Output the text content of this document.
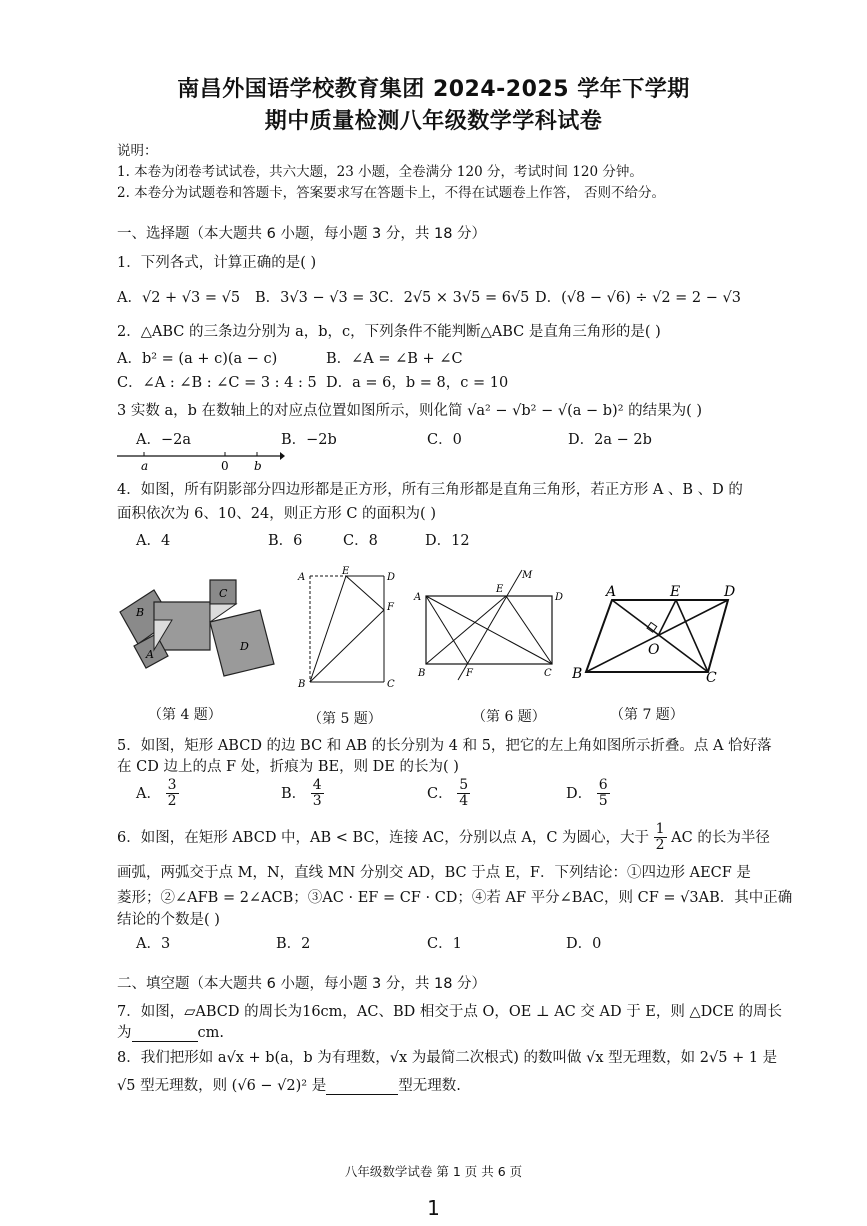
南昌外国语学校教育集团 2024-2025 学年下学期
期中质量检测八年级数学学科试卷
说明：
1. 本卷为闭卷考试试卷，共六大题，23 小题，全卷满分 120 分，考试时间 120 分钟。
2. 本卷分为试题卷和答题卡，答案要求写在答题卡上，不得在试题卷上作答， 否则不给分。
一、选择题（本大题共 6 小题，每小题 3 分，共 18 分）
1．下列各式，计算正确的是( )
A．√2 + √3 = √5 B．3√3 − √3 = 3 C．2√5 × 3√5 = 6√5 D．(√8 − √6) ÷ √2 = 2 − √3
2．△ABC 的三条边分别为 a，b，c，下列条件不能判断△ABC 是直角三角形的是( )
A．b² = (a + c)(a − c)	B．∠A = ∠B + ∠C
C．∠A : ∠B : ∠C = 3 : 4 : 5 D．a = 6，b = 8，c = 10
3 实数 a，b 在数轴上的对应点位置如图所示，则化简 √a² − √b² − √(a − b)² 的结果为( )
A．−2a	B．−2b	C．0	D．2a − 2b
a	0 b
4．如图，所有阴影部分四边形都是正方形，所有三角形都是直角三角形，若正方形 A 、B 、D 的
面积依次为 6、10、24，则正方形 C 的面积为( )
A．4	B．6	C．8	D．12
B
C
A
D
（第 4 题）
A
E
D
F
B	C
（第 5 题）
M
E
D
A
B	F	C
（第 6 题）
A	E	D
O
B	C
（第 7 题）
5．如图，矩形 ABCD 的边 BC 和 AB 的长分别为 4 和 5，把它的左上角如图所示折叠。点 A 恰好落
在 CD 边上的点 F 处，折痕为 BE，则 DE 的长为( )
A． $\frac{3}{2}$	B． $\frac{4}{3}$	C． $\frac{5}{4}$	D． $\frac{6}{5}$
6．如图，在矩形 ABCD 中，AB < BC，连接 AC，分别以点 A，C 为圆心，大于 $\frac{1}{2}$ AC 的长为半径
画弧，两弧交于点 M，N，直线 MN 分别交 AD，BC 于点 E，F．下列结论：①四边形 AECF 是
菱形；②∠AFB = 2∠ACB；③AC · EF = CF · CD；④若 AF 平分∠BAC，则 CF = √3AB．其中正确
结论的个数是( )
A．3	B．2	C．1	D．0
二、填空题（本大题共 6 小题，每小题 3 分，共 18 分）
7．如图，▱ABCD 的周长为16cm，AC、BD 相交于点 O，OE ⊥ AC 交 AD 于 E，则 △DCE 的周长
为	cm.
8．我们把形如 a√x + b(a，b 为有理数，√x 为最简二次根式) 的数叫做 √x 型无理数，如 2√5 + 1 是
√5 型无理数，则 (√6 − √2)² 是	型无理数.
八年级数学试卷 第 1 页 共 6 页
1
